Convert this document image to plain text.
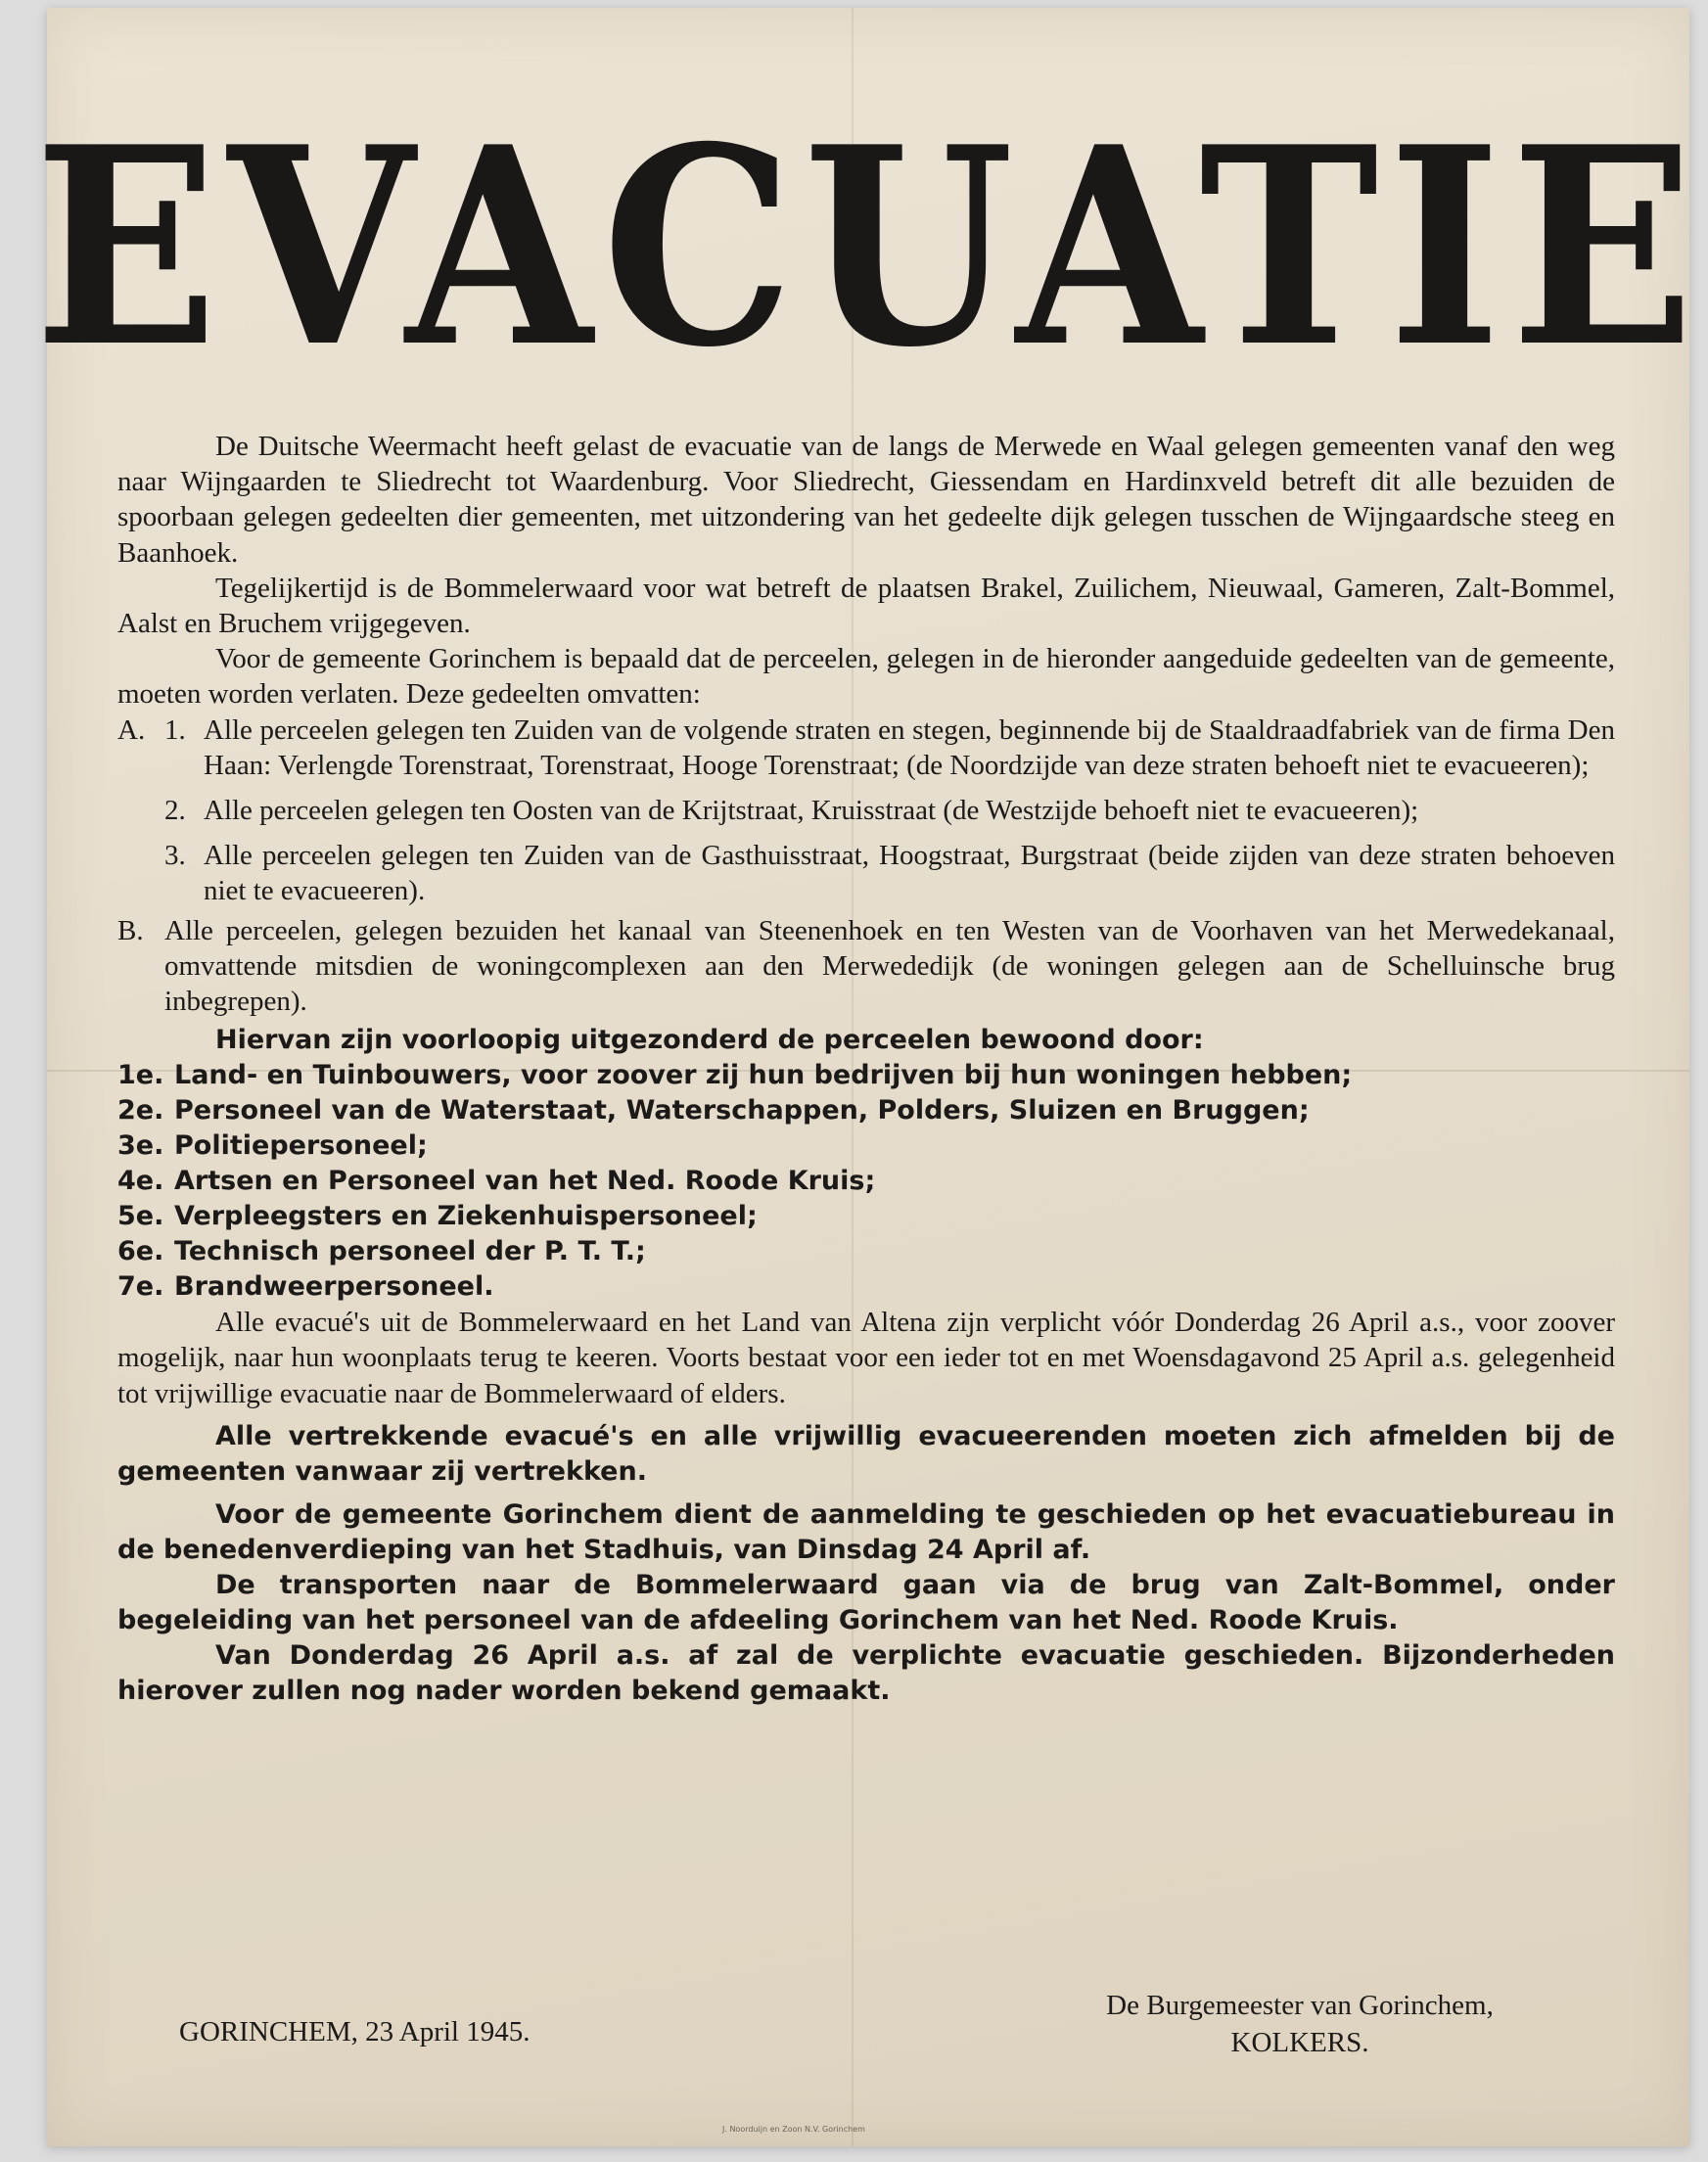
EVACUATIE

De Duitsche Weermacht heeft gelast de evacuatie van de langs de Merwede en Waal gelegen gemeenten vanaf den weg naar Wijngaarden te Sliedrecht tot Waardenburg. Voor Sliedrecht, Giessendam en Hardinxveld betreft dit alle bezuiden de spoorbaan gelegen gedeelten dier gemeenten, met uitzondering van het gedeelte dijk gelegen tusschen de Wijngaardsche steeg en Baanhoek.

Tegelijkertijd is de Bommelerwaard voor wat betreft de plaatsen Brakel, Zuilichem, Nieuwaal, Gameren, Zalt-Bommel, Aalst en Bruchem vrijgegeven.

Voor de gemeente Gorinchem is bepaald dat de perceelen, gelegen in de hieronder aangeduide gedeelten van de gemeente, moeten worden verlaten. Deze gedeelten omvatten:

A. 1. Alle perceelen gelegen ten Zuiden van de volgende straten en stegen, beginnende bij de Staaldraadfabriek van de firma Den Haan: Verlengde Torenstraat, Torenstraat, Hooge Torenstraat; (de Noordzijde van deze straten behoeft niet te evacueeren);

2. Alle perceelen gelegen ten Oosten van de Krijtstraat, Kruisstraat (de Westzijde behoeft niet te evacueeren);

3. Alle perceelen gelegen ten Zuiden van de Gasthuisstraat, Hoogstraat, Burgstraat (beide zijden van deze straten behoeven niet te evacueeren).

B. Alle perceelen, gelegen bezuiden het kanaal van Steenenhoek en ten Westen van de Voorhaven van het Merwedekanaal, omvattende mitsdien de woningcomplexen aan den Merwededijk (de woningen gelegen aan de Schelluinsche brug inbegrepen).

Hiervan zijn voorloopig uitgezonderd de perceelen bewoond door:

1e. Land- en Tuinbouwers, voor zoover zij hun bedrijven bij hun woningen hebben;
2e. Personeel van de Waterstaat, Waterschappen, Polders, Sluizen en Bruggen;
3e. Politiepersoneel;
4e. Artsen en Personeel van het Ned. Roode Kruis;
5e. Verpleegsters en Ziekenhuispersoneel;
6e. Technisch personeel der P. T. T.;
7e. Brandweerpersoneel.

Alle evacué's uit de Bommelerwaard en het Land van Altena zijn verplicht vóór Donderdag 26 April a.s., voor zoover mogelijk, naar hun woonplaats terug te keeren. Voorts bestaat voor een ieder tot en met Woensdagavond 25 April a.s. gelegenheid tot vrijwillige evacuatie naar de Bommelerwaard of elders.

Alle vertrekkende evacué's en alle vrijwillig evacueerenden moeten zich afmelden bij de gemeenten vanwaar zij vertrekken.

Voor de gemeente Gorinchem dient de aanmelding te geschieden op het evacuatiebureau in de benedenverdieping van het Stadhuis, van Dinsdag 24 April af.

De transporten naar de Bommelerwaard gaan via de brug van Zalt-Bommel, onder begeleiding van het personeel van de afdeeling Gorinchem van het Ned. Roode Kruis.

Van Donderdag 26 April a.s. af zal de verplichte evacuatie geschieden. Bijzonderheden hierover zullen nog nader worden bekend gemaakt.

GORINCHEM, 23 April 1945.
De Burgemeester van Gorinchem,
KOLKERS.
J. Noorduijn en Zoon N.V. Gorinchem
